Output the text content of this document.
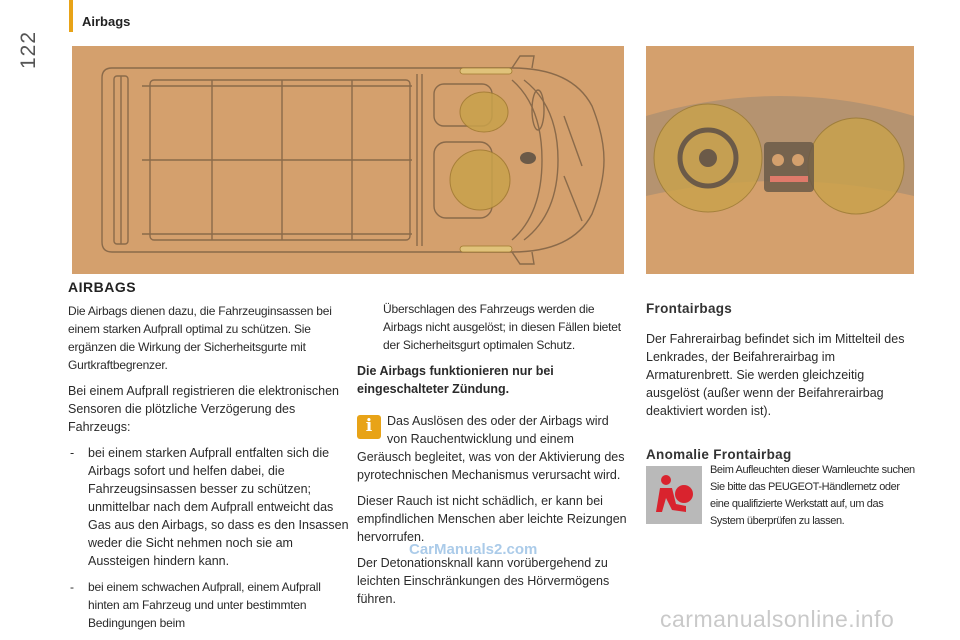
122
Airbags
AIRBAGS

Die Airbags dienen dazu, die Fahrzeuginsassen bei einem starken Aufprall optimal zu schützen. Sie ergänzen die Wirkung der Sicherheitsgurte mit Gurtkraftbegrenzer.

Bei einem Aufprall registrieren die elektronischen Sensoren die plötzliche Verzögerung des Fahrzeugs:

- bei einem starken Aufprall entfalten sich die Airbags sofort und helfen dabei, die Fahrzeugsinsassen besser zu schützen; unmittelbar nach dem Aufprall entweicht das Gas aus den Airbags, so dass es den Insassen weder die Sicht nehmen noch sie am Aussteigen hindern kann.
- bei einem schwachen Aufprall, einem Aufprall hinten am Fahrzeug und unter bestimmten Bedingungen beim

Überschlagen des Fahrzeugs werden die Airbags nicht ausgelöst; in diesen Fällen bietet der Sicherheitsgurt optimalen Schutz.

Die Airbags funktionieren nur bei eingeschalteter Zündung.

i	Das Auslösen des oder der Airbags wird von Rauchentwicklung und einem Geräusch begleitet, was von der Aktivierung des pyrotechnischen Mechanismus verursacht wird.

Dieser Rauch ist nicht schädlich, er kann bei empfindlichen Menschen aber leichte Reizungen hervorrufen.

Der Detonationsknall kann vorübergehend zu leichten Einschränkungen des Hörvermögens führen.

Frontairbags

Der Fahrerairbag befindet sich im Mittelteil des Lenkrades, der Beifahrerairbag im Armaturenbrett. Sie werden gleichzeitig ausgelöst (außer wenn der Beifahrerairbag deaktiviert worden ist).

Anomalie Frontairbag
Beim Aufleuchten dieser Warnleuchte suchen Sie bitte das PEUGEOT-Händlernetz oder eine qualifizierte Werkstatt auf, um das System überprüfen zu lassen.
CarManuals2.com
carmanualsonline.info
